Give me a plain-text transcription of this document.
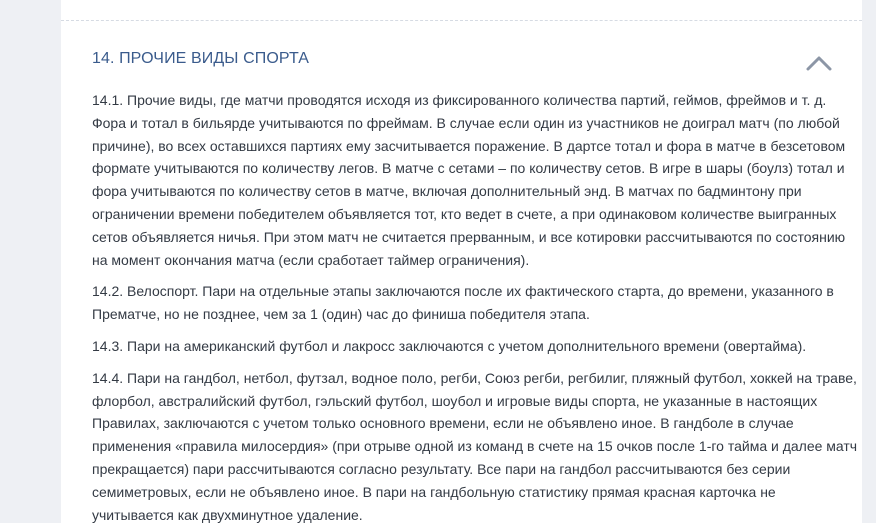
14. ПРОЧИЕ ВИДЫ СПОРТА

14.1. Прочие виды, где матчи проводятся исходя из фиксированного количества партий, геймов, фреймов и т. д. Фора и тотал в бильярде учитываются по фреймам. В случае если один из участников не доиграл матч (по любой причине), во всех оставшихся партиях ему засчитывается поражение. В дартсе тотал и фора в матче в безсетовом формате учитываются по количеству легов. В матче с сетами – по количеству сетов. В игре в шары (боулз) тотал и фора учитываются по количеству сетов в матче, включая дополнительный энд. В матчах по бадминтону при ограничении времени победителем объявляется тот, кто ведет в счете, а при одинаковом количестве выигранных сетов объявляется ничья. При этом матч не считается прерванным, и все котировки рассчитываются по состоянию на момент окончания матча (если сработает таймер ограничения).

14.2. Велоспорт. Пари на отдельные этапы заключаются после их фактического старта, до времени, указанного в Прематче, но не позднее, чем за 1 (один) час до финиша победителя этапа.

14.3. Пари на американский футбол и лакросс заключаются с учетом дополнительного времени (овертайма).

14.4. Пари на гандбол, нетбол, футзал, водное поло, регби, Союз регби, регбилиг, пляжный футбол, хоккей на траве, флорбол, австралийский футбол, гэльский футбол, шоубол и игровые виды спорта, не указанные в настоящих Правилах, заключаются с учетом только основного времени, если не объявлено иное. В гандболе в случае применения «правила милосердия» (при отрыве одной из команд в счете на 15 очков после 1-го тайма и далее матч прекращается) пари рассчитываются согласно результату. Все пари на гандбол рассчитываются без серии семиметровых, если не объявлено иное. В пари на гандбольную статистику прямая красная карточка не учитывается как двухминутное удаление.
